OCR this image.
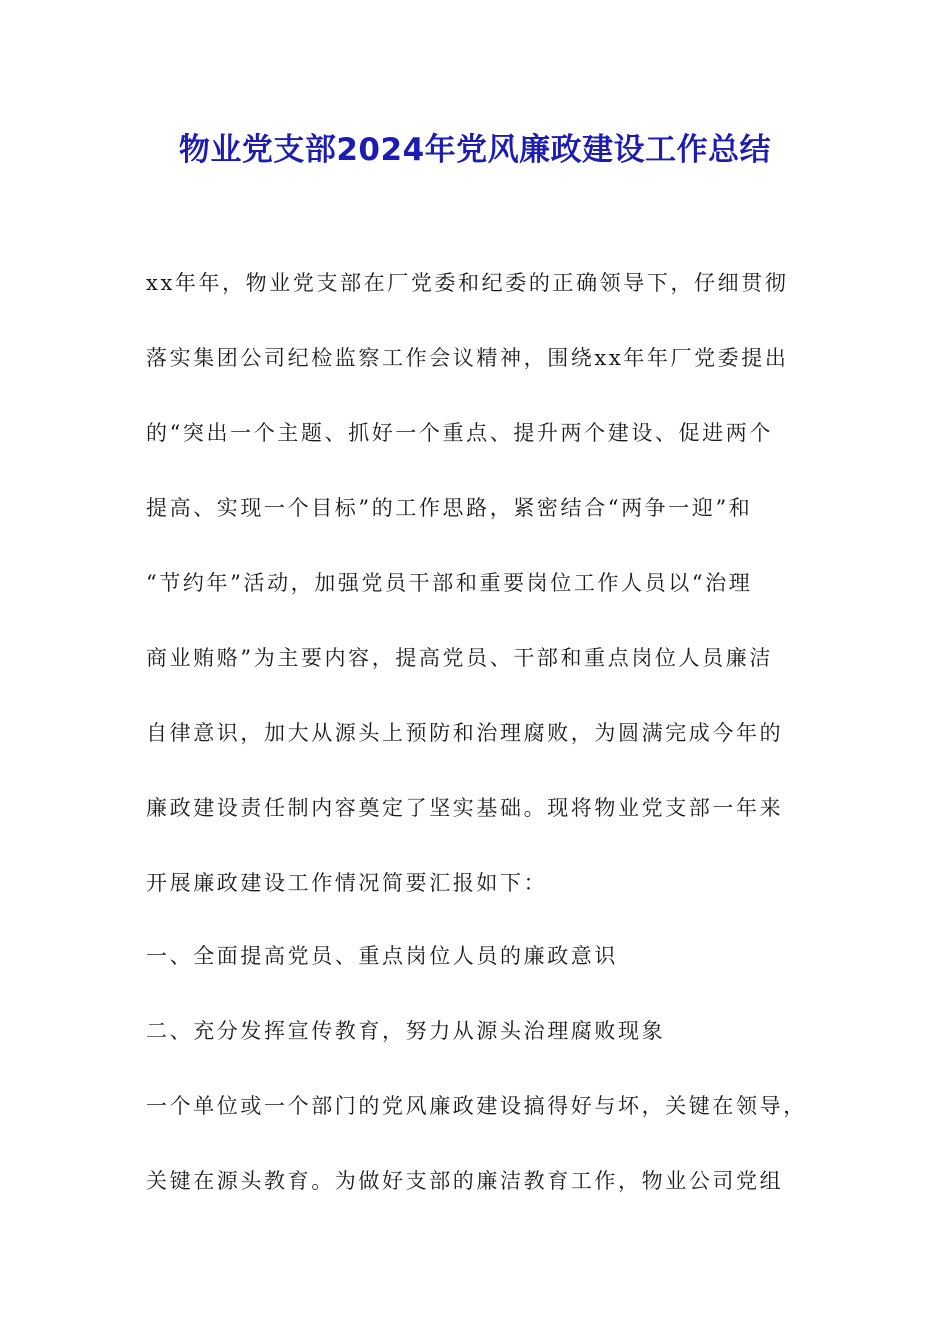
物业党支部2024年党风廉政建设工作总结
xx年年，物业党支部在厂党委和纪委的正确领导下，仔细贯彻
落实集团公司纪检监察工作会议精神，围绕xx年年厂党委提出
的“突出一个主题、抓好一个重点、提升两个建设、促进两个
提高、实现一个目标”的工作思路，紧密结合“两争一迎”和
“节约年”活动，加强党员干部和重要岗位工作人员以“治理
商业贿赂”为主要内容，提高党员、干部和重点岗位人员廉洁
自律意识，加大从源头上预防和治理腐败，为圆满完成今年的
廉政建设责任制内容奠定了坚实基础。现将物业党支部一年来
开展廉政建设工作情况简要汇报如下：
一、全面提高党员、重点岗位人员的廉政意识
二、充分发挥宣传教育，努力从源头治理腐败现象
一个单位或一个部门的党风廉政建设搞得好与坏，关键在领导，
关键在源头教育。为做好支部的廉洁教育工作，物业公司党组
